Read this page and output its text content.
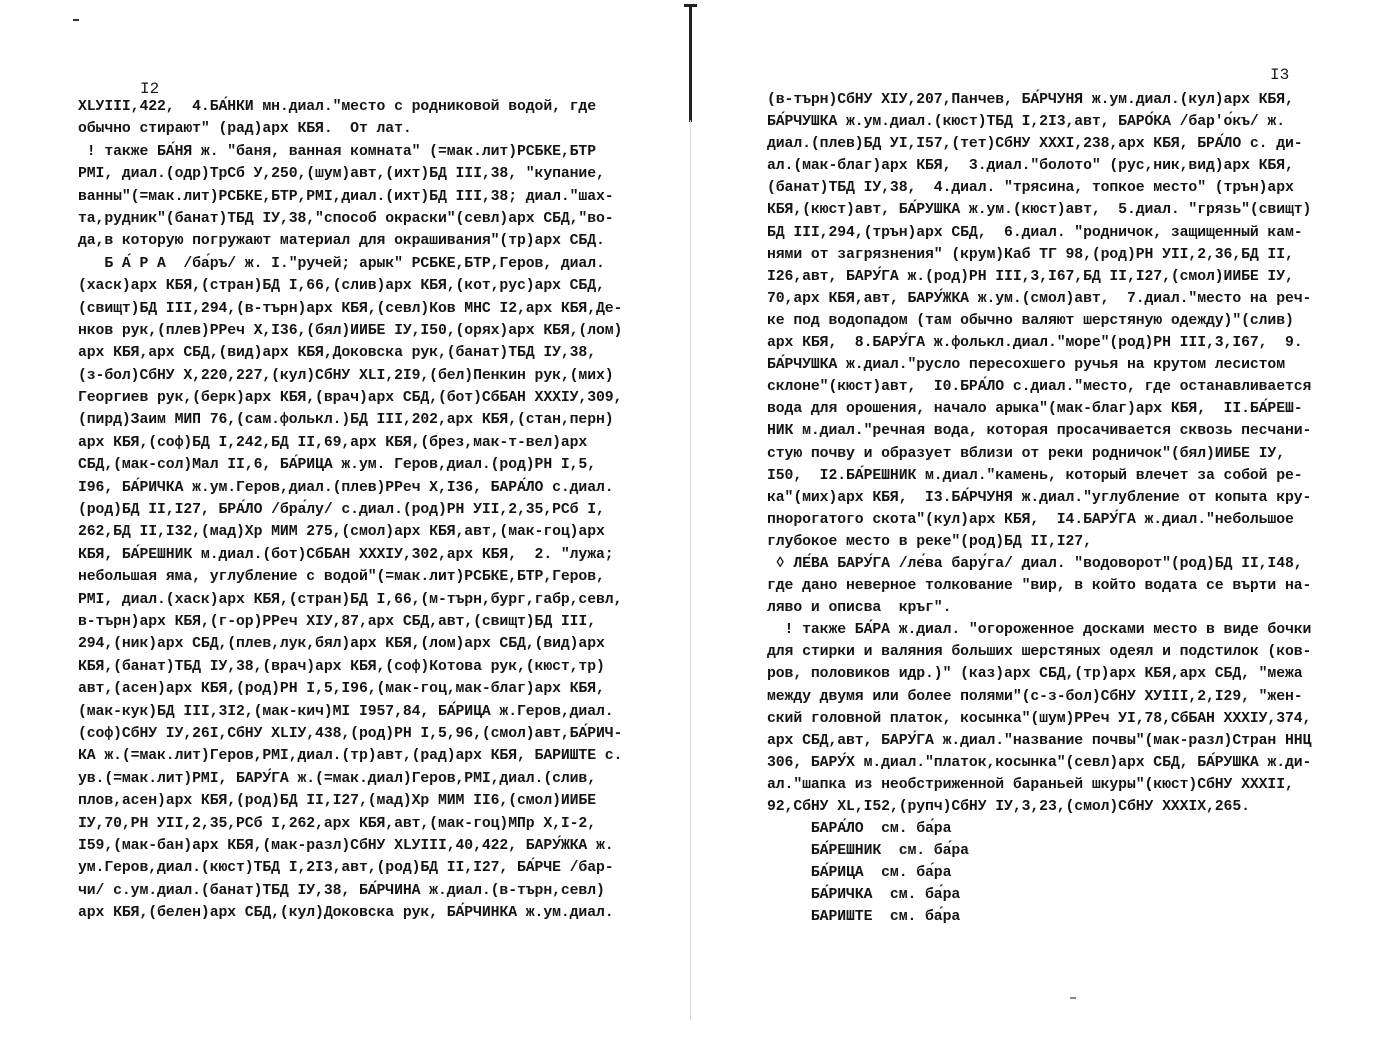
I2
XLУIII,422,  4.БА́НКИ мн.диал."место с родниковой водой, где
обычно стирают" (рад)арх КБЯ.  От лат.
! также БА́НЯ ж. "баня, ванная комната" (=мак.лит)РСБКЕ,БТР
РМI, диал.(одр)ТрСб У,250,(шум)авт,(ихт)БД III,38, "купание,
ванны"(=мак.лит)РСБКЕ,БТР,РМI,диал.(ихт)БД III,38; диал."шах-
та,рудник"(банат)ТБД IУ,38,"способ окраски"(севл)арх СБД,"во-
да,в которую погружают материал для окрашивания"(тр)арх СБД.
Б А́ Р А  /ба́ръ/ ж. I."ручей; арык" РСБКЕ,БТР,Геров, диал.
(хаск)арх КБЯ,(стран)БД I,66,(слив)арх КБЯ,(кот,рус)арх СБД,
(свищт)БД III,294,(в-търн)арх КБЯ,(севл)Ков МНС I2,арх КБЯ,Де-
нков рук,(плев)РРеч X,I36,(бял)ИИБЕ IУ,I50,(орях)арх КБЯ,(лом)
арх КБЯ,арх СБД,(вид)арх КБЯ,Доковска рук,(банат)ТБД IУ,38,
(з-бол)СбНУ X,220,227,(кул)СбНУ XLI,2I9,(бел)Пенкин рук,(мих)
Георгиев рук,(берк)арх КБЯ,(врач)арх СБД,(бот)СбБАН XXXIУ,309,
(пирд)Заим МИП 76,(сам.фолькл.)БД III,202,арх КБЯ,(стан,перн)
арх КБЯ,(соф)БД I,242,БД II,69,арх КБЯ,(брез,мак-т-вел)арх
СБД,(мак-сол)Мал II,6, БА́РИЦА ж.ум. Геров,диал.(род)РН I,5,
I96, БА́РИЧКА ж.ум.Геров,диал.(плев)РРеч X,I36, БАРА́ЛО с.диал.
(род)БД II,I27, БРА́ЛО /бра́лу/ с.диал.(род)РН УII,2,35,РСб I,
262,БД II,I32,(мад)Хр МИМ 275,(смол)арх КБЯ,авт,(мак-гоц)арх
КБЯ, БА́РЕШНИК м.диал.(бот)СбБАН XXXIУ,302,арх КБЯ,  2. "лужа;
небольшая яма, углубление с водой"(=мак.лит)РСБКЕ,БТР,Геров,
РМI, диал.(хаск)арх КБЯ,(стран)БД I,66,(м-търн,бург,габр,севл,
в-търн)арх КБЯ,(г-ор)РРеч XIУ,87,арх СБД,авт,(свищт)БД III,
294,(ник)арх СБД,(плев,лук,бял)арх КБЯ,(лом)арх СБД,(вид)арх
КБЯ,(банат)ТБД IУ,38,(врач)арх КБЯ,(соф)Котова рук,(кюст,тр)
авт,(асен)арх КБЯ,(род)РН I,5,I96,(мак-гоц,мак-благ)арх КБЯ,
(мак-кук)БД III,3I2,(мак-кич)МI I957,84, БА́РИЦА ж.Геров,диал.
(соф)СбНУ IУ,26I,СбНУ XLIУ,438,(род)РН I,5,96,(смол)авт,БА́РИЧ-
КА ж.(=мак.лит)Геров,РМI,диал.(тр)авт,(рад)арх КБЯ, БАРИШТЕ с.
ув.(=мак.лит)РМI, БАРУ́ГА ж.(=мак.диал)Геров,РМI,диал.(слив,
плов,асен)арх КБЯ,(род)БД II,I27,(мад)Хр МИМ II6,(смол)ИИБЕ
IУ,70,РН УII,2,35,РСб I,262,арх КБЯ,авт,(мак-гоц)МПр X,I-2,
I59,(мак-бан)арх КБЯ,(мак-разл)СбНУ XLУIII,40,422, БАРУ́ЖКА ж.
ум.Геров,диал.(кюст)ТБД I,2I3,авт,(род)БД II,I27, БА́РЧЕ /бар-
чи/ с.ум.диал.(банат)ТБД IУ,38, БА́РЧИНА ж.диал.(в-търн,севл)
арх КБЯ,(белен)арх СБД,(кул)Доковска рук, БА́РЧИНКА ж.ум.диал.
I3
(в-търн)СбНУ XIУ,207,Панчев, БА́РЧУНЯ ж.ум.диал.(кул)арх КБЯ,
БА́РЧУШКА ж.ум.диал.(кюст)ТБД I,2I3,авт, БАРО́КА /бар'о́къ/ ж.
диал.(плев)БД УI,I57,(тет)СбНУ XXXI,238,арх КБЯ, БРА́ЛО с. ди-
ал.(мак-благ)арх КБЯ,  3.диал."болото" (рус,ник,вид)арх КБЯ,
(банат)ТБД IУ,38,  4.диал. "трясина, топкое место" (трън)арх
КБЯ,(кюст)авт, БА́РУШКА ж.ум.(кюст)авт,  5.диал. "грязь"(свищт)
БД III,294,(трън)арх СБД,  6.диал. "родничок, защищенный кам-
нями от загрязнения" (крум)Каб ТГ 98,(род)РН УII,2,36,БД II,
I26,авт, БАРУ́ГА ж.(род)РН III,3,I67,БД II,I27,(смол)ИИБЕ IУ,
70,арх КБЯ,авт, БАРУ́ЖКА ж.ум.(смол)авт,  7.диал."место на реч-
ке под водопадом (там обычно валяют шерстяную одежду)"(слив)
арх КБЯ,  8.БАРУ́ГА ж.фолькл.диал."море"(род)РН III,3,I67,  9.
БА́РЧУШКА ж.диал."русло пересохшего ручья на крутом лесистом
склоне"(кюст)авт,  I0.БРА́ЛО с.диал."место, где останавливается
вода для орошения, начало арыка"(мак-благ)арх КБЯ,  II.БА́РЕШ-
НИК м.диал."речная вода, которая просачивается сквозь песчани-
стую почву и образует вблизи от реки родничок"(бял)ИИБЕ IУ,
I50,  I2.БА́РЕШНИК м.диал."камень, который влечет за собой ре-
ка"(мих)арх КБЯ,  I3.БА́РЧУНЯ ж.диал."углубление от копыта кру-
пнорогатого скота"(кул)арх КБЯ,  I4.БАРУ́ГА ж.диал."небольшое
глубокое место в реке"(род)БД II,I27,
◊ ЛЕ́ВА БАРУ́ГА /ле́ва бару́га/ диал. "водоворот"(род)БД II,I48,
где дано неверное толкование "вир, в който водата се върти на-
ляво и описва  кръг".
! также БА́РА ж.диал. "огороженное досками место в виде бочки
для стирки и валяния больших шерстяных одеял и подстилок (ков-
ров, половиков идр.)" (каз)арх СБД,(тр)арх КБЯ,арх СБД, "межа
между двумя или более полями"(с-з-бол)СбНУ XУIII,2,I29, "жен-
ский головной платок, косынка"(шум)РРеч УI,78,СбБАН XXXIУ,374,
арх СБД,авт, БАРУ́ГА ж.диал."название почвы"(мак-разл)Стран ННЦ
306, БАРУ́Х м.диал."платок,косынка"(севл)арх СБД, БА́РУШКА ж.ди-
ал."шапка из необстриженной бараньей шкуры"(кюст)СбНУ XXXII,
92,СбНУ XL,I52,(рупч)СбНУ IУ,3,23,(смол)СбНУ XXXIX,265.
БАРА́ЛО  см. ба́ра
БА́РЕШНИК  см. ба́ра
БА́РИЦА  см. ба́ра
БА́РИЧКА  см. ба́ра
БАРИШТЕ  см. ба́ра
